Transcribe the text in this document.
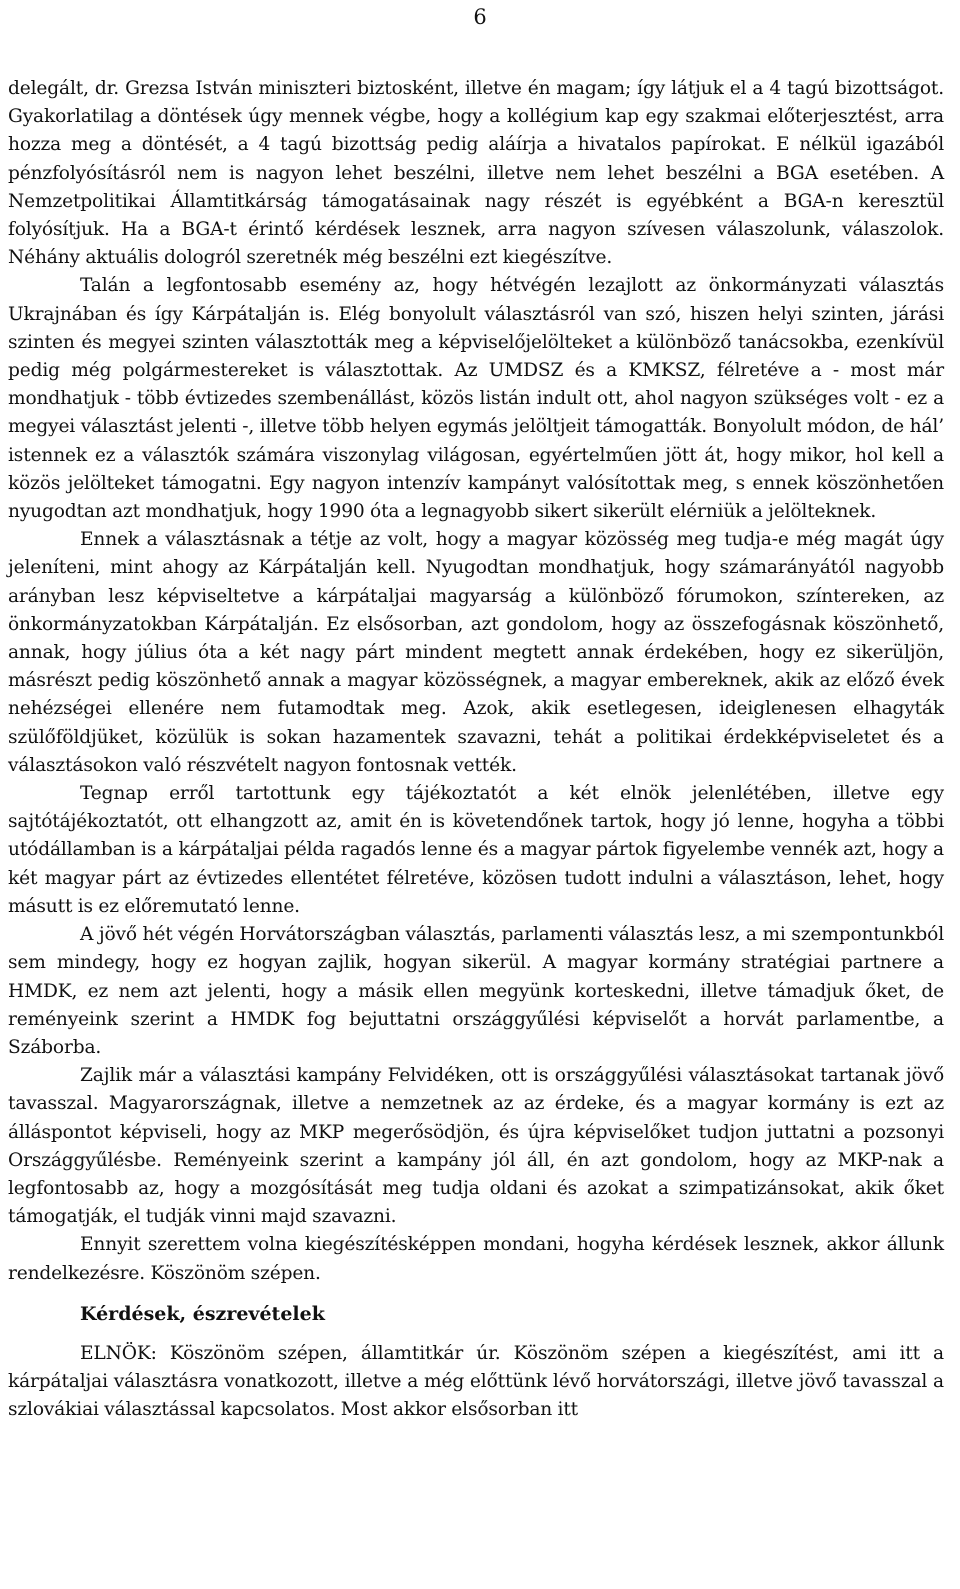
6

delegált, dr. Grezsa István miniszteri biztosként, illetve én magam; így látjuk el a 4 tagú bizottságot. Gyakorlatilag a döntések úgy mennek végbe, hogy a kollégium kap egy szakmai előterjesztést, arra hozza meg a döntését, a 4 tagú bizottság pedig aláírja a hivatalos papírokat. E nélkül igazából pénzfolyósításról nem is nagyon lehet beszélni, illetve nem lehet beszélni a BGA esetében. A Nemzetpolitikai Államtitkárság támogatásainak nagy részét is egyébként a BGA-n keresztül folyósítjuk. Ha a BGA-t érintő kérdések lesznek, arra nagyon szívesen válaszolunk, válaszolok. Néhány aktuális dologról szeretnék még beszélni ezt kiegészítve.

Talán a legfontosabb esemény az, hogy hétvégén lezajlott az önkormányzati választás Ukrajnában és így Kárpátalján is. Elég bonyolult választásról van szó, hiszen helyi szinten, járási szinten és megyei szinten választották meg a képviselőjelölteket a különböző tanácsokba, ezenkívül pedig még polgármestereket is választottak. Az UMDSZ és a KMKSZ, félretéve a - most már mondhatjuk - több évtizedes szembenállást, közös listán indult ott, ahol nagyon szükséges volt - ez a megyei választást jelenti -, illetve több helyen egymás jelöltjeit támogatták. Bonyolult módon, de hál’ istennek ez a választók számára viszonylag világosan, egyértelműen jött át, hogy mikor, hol kell a közös jelölteket támogatni. Egy nagyon intenzív kampányt valósítottak meg, s ennek köszönhetően nyugodtan azt mondhatjuk, hogy 1990 óta a legnagyobb sikert sikerült elérniük a jelölteknek.

Ennek a választásnak a tétje az volt, hogy a magyar közösség meg tudja-e még magát úgy jeleníteni, mint ahogy az Kárpátalján kell. Nyugodtan mondhatjuk, hogy számarányától nagyobb arányban lesz képviseltetve a kárpátaljai magyarság a különböző fórumokon, színtereken, az önkormányzatokban Kárpátalján. Ez elsősorban, azt gondolom, hogy az összefogásnak köszönhető, annak, hogy július óta a két nagy párt mindent megtett annak érdekében, hogy ez sikerüljön, másrészt pedig köszönhető annak a magyar közösségnek, a magyar embereknek, akik az előző évek nehézségei ellenére nem futamodtak meg. Azok, akik esetlegesen, ideiglenesen elhagyták szülőföldjüket, közülük is sokan hazamentek szavazni, tehát a politikai érdekképviseletet és a választásokon való részvételt nagyon fontosnak vették.

Tegnap erről tartottunk egy tájékoztatót a két elnök jelenlétében, illetve egy sajtótájékoztatót, ott elhangzott az, amit én is követendőnek tartok, hogy jó lenne, hogyha a többi utódállamban is a kárpátaljai példa ragadós lenne és a magyar pártok figyelembe vennék azt, hogy a két magyar párt az évtizedes ellentétet félretéve, közösen tudott indulni a választáson, lehet, hogy másutt is ez előremutató lenne.

A jövő hét végén Horvátországban választás, parlamenti választás lesz, a mi szempontunkból sem mindegy, hogy ez hogyan zajlik, hogyan sikerül. A magyar kormány stratégiai partnere a HMDK, ez nem azt jelenti, hogy a másik ellen megyünk korteskedni, illetve támadjuk őket, de reményeink szerint a HMDK fog bejuttatni országgyűlési képviselőt a horvát parlamentbe, a Száborba.

Zajlik már a választási kampány Felvidéken, ott is országgyűlési választásokat tartanak jövő tavasszal. Magyarországnak, illetve a nemzetnek az az érdeke, és a magyar kormány is ezt az álláspontot képviseli, hogy az MKP megerősödjön, és újra képviselőket tudjon juttatni a pozsonyi Országgyűlésbe. Reményeink szerint a kampány jól áll, én azt gondolom, hogy az MKP-nak a legfontosabb az, hogy a mozgósítását meg tudja oldani és azokat a szimpatizánsokat, akik őket támogatják, el tudják vinni majd szavazni.

Ennyit szerettem volna kiegészítésképpen mondani, hogyha kérdések lesznek, akkor állunk rendelkezésre. Köszönöm szépen.

Kérdések, észrevételek

ELNÖK: Köszönöm szépen, államtitkár úr. Köszönöm szépen a kiegészítést, ami itt a kárpátaljai választásra vonatkozott, illetve a még előttünk lévő horvátországi, illetve jövő tavasszal a szlovákiai választással kapcsolatos. Most akkor elsősorban itt
